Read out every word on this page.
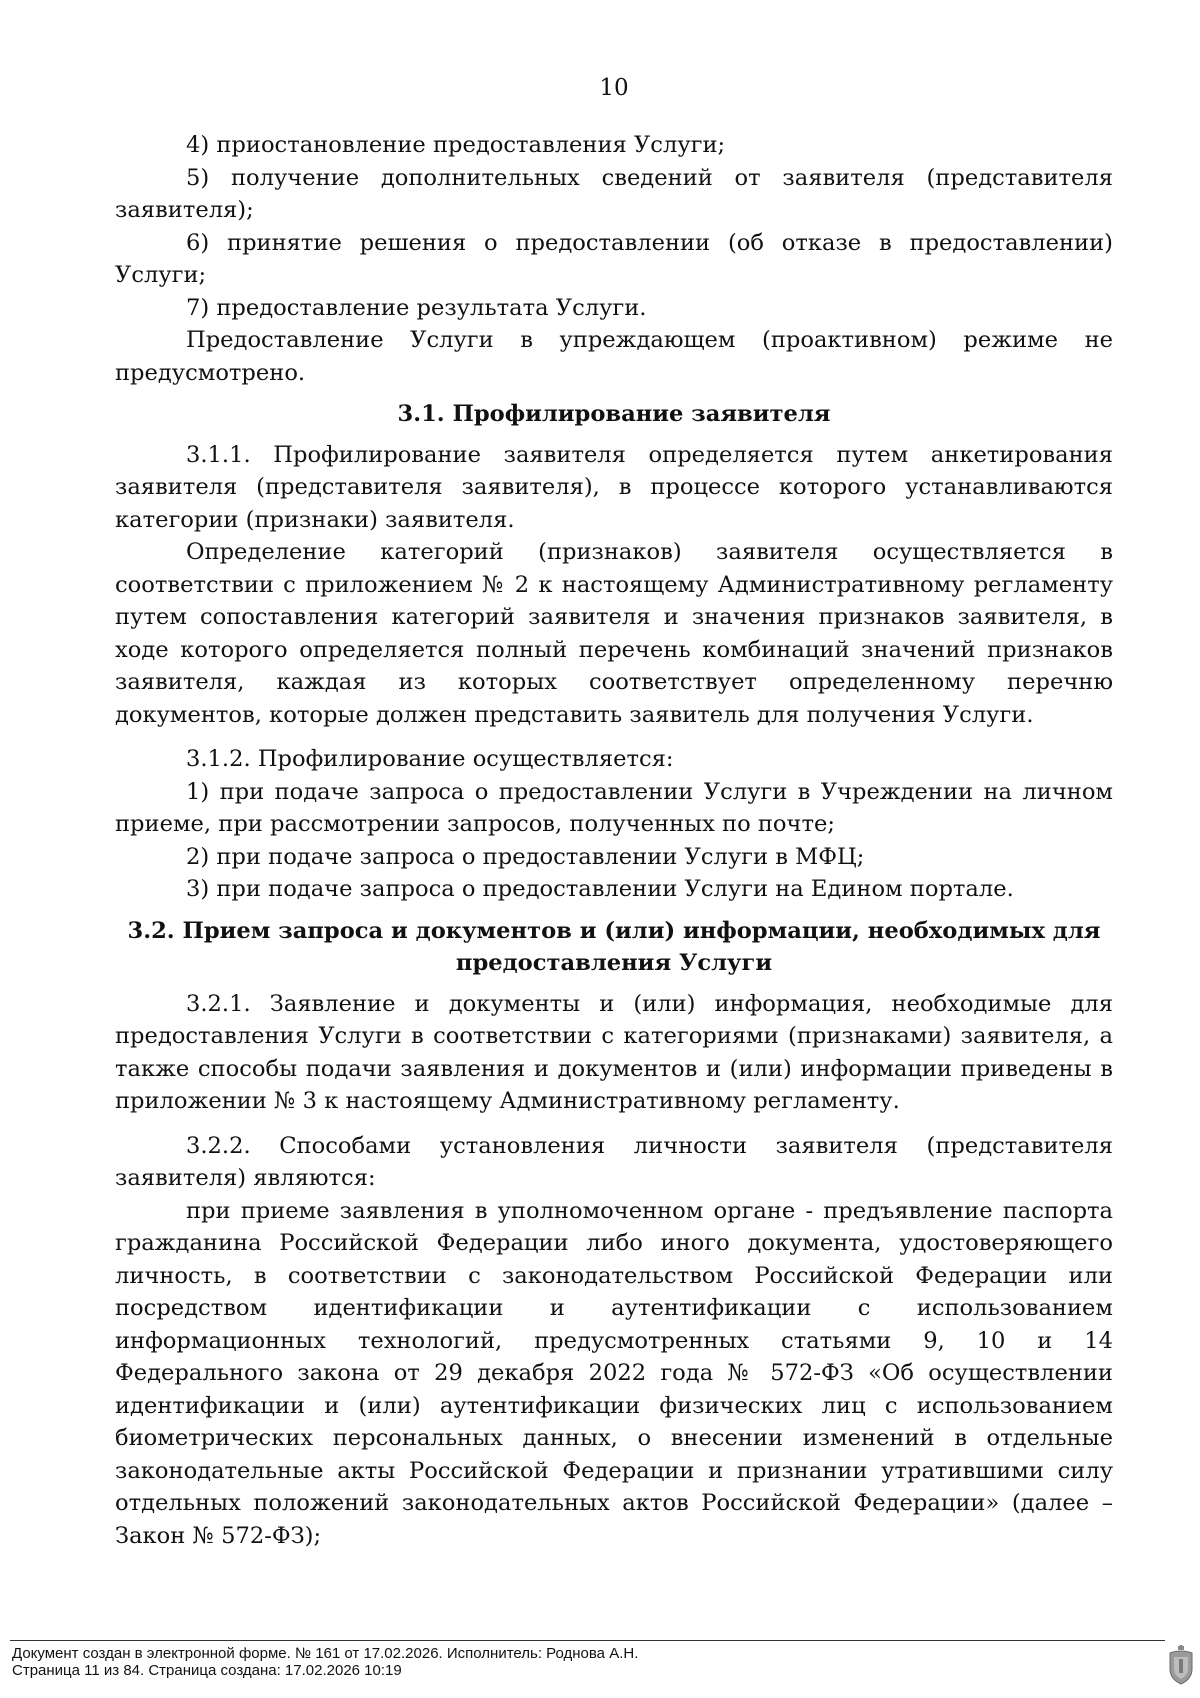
10

4) приостановление предоставления Услуги;

5) получение дополнительных сведений от заявителя (представителя заявителя);

6) принятие решения о предоставлении (об отказе в предоставлении) Услуги;

7) предоставление результата Услуги.

Предоставление Услуги в упреждающем (проактивном) режиме не предусмотрено.

3.1. Профилирование заявителя

3.1.1. Профилирование заявителя определяется путем анкетирования заявителя (представителя заявителя), в процессе которого устанавливаются категории (признаки) заявителя.

Определение категорий (признаков) заявителя осуществляется в соответствии с приложением № 2 к настоящему Административному регламенту путем сопоставления категорий заявителя и значения признаков заявителя, в ходе которого определяется полный перечень комбинаций значений признаков заявителя, каждая из которых соответствует определенному перечню документов, которые должен представить заявитель для получения Услуги.

3.1.2. Профилирование осуществляется:

1) при подаче запроса о предоставлении Услуги в Учреждении на личном приеме, при рассмотрении запросов, полученных по почте;

2) при подаче запроса о предоставлении Услуги в МФЦ;

3) при подаче запроса о предоставлении Услуги на Едином портале.

3.2. Прием запроса и документов и (или) информации, необходимых для предоставления Услуги

3.2.1. Заявление и документы и (или) информация, необходимые для предоставления Услуги в соответствии с категориями (признаками) заявителя, а также способы подачи заявления и документов и (или) информации приведены в приложении № 3 к настоящему Административному регламенту.

3.2.2. Способами установления личности заявителя (представителя заявителя) являются:

при приеме заявления в уполномоченном органе - предъявление паспорта гражданина Российской Федерации либо иного документа, удостоверяющего личность, в соответствии с законодательством Российской Федерации или посредством идентификации и аутентификации с использованием информационных технологий, предусмотренных статьями 9, 10 и 14 Федерального закона от 29 декабря 2022 года № 572-ФЗ «Об осуществлении идентификации и (или) аутентификации физических лиц с использованием биометрических персональных данных, о внесении изменений в отдельные законодательные акты Российской Федерации и признании утратившими силу отдельных положений законодательных актов Российской Федерации» (далее – Закон № 572-ФЗ);

Документ создан в электронной форме. № 161 от 17.02.2026. Исполнитель: Роднова А.Н.
Страница 11 из 84. Страница создана: 17.02.2026 10:19
